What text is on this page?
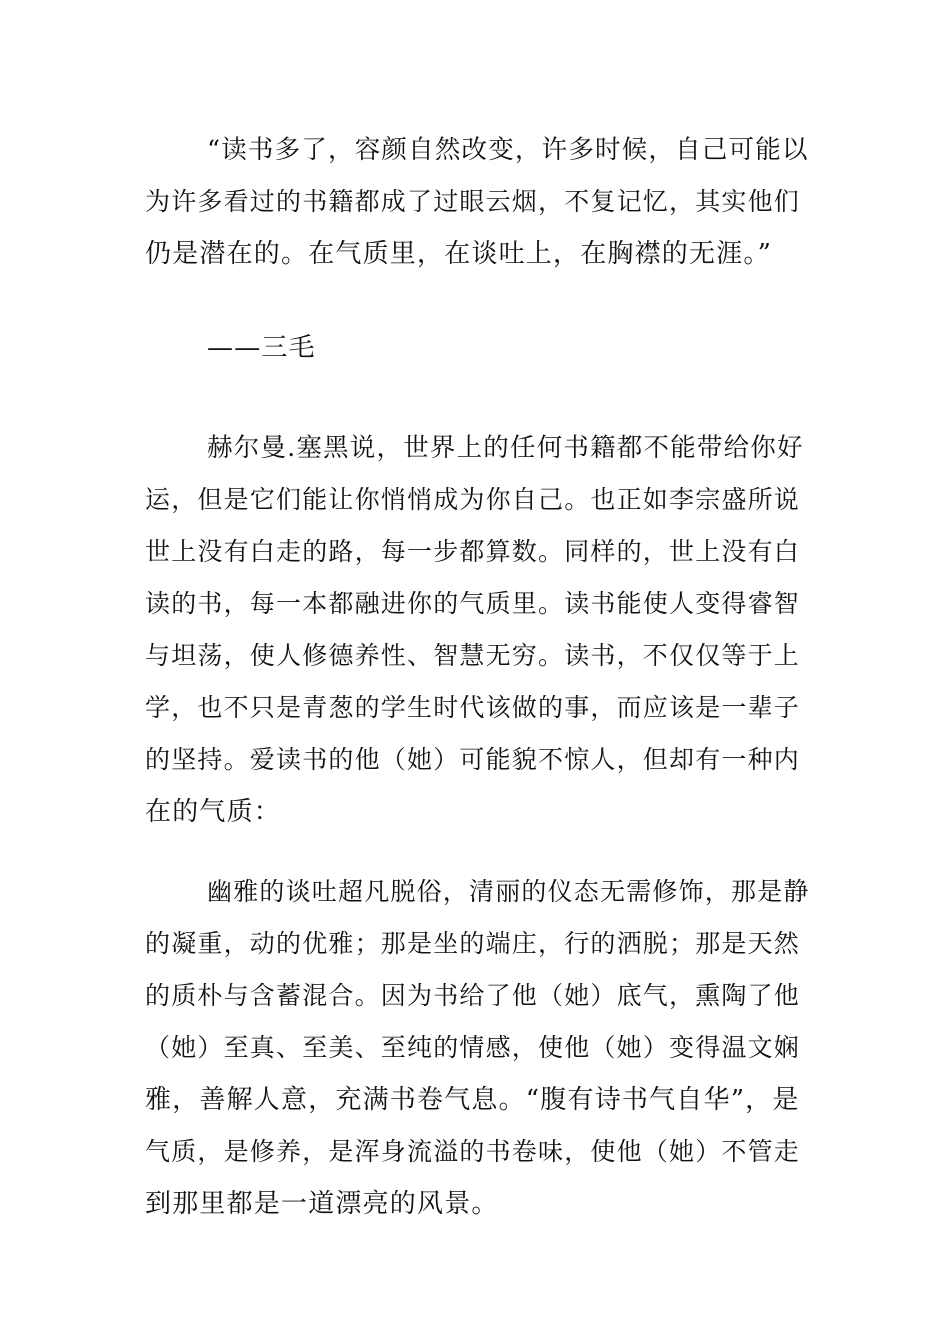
“读书多了，容颜自然改变，许多时候，自己可能以
为许多看过的书籍都成了过眼云烟，不复记忆，其实他们
仍是潜在的。在气质里，在谈吐上，在胸襟的无涯。”
——三毛
赫尔曼.塞黑说，世界上的任何书籍都不能带给你好
运，但是它们能让你悄悄成为你自己。也正如李宗盛所说
世上没有白走的路，每一步都算数。同样的，世上没有白
读的书，每一本都融进你的气质里。读书能使人变得睿智
与坦荡，使人修德养性、智慧无穷。读书，不仅仅等于上
学，也不只是青葱的学生时代该做的事，而应该是一辈子
的坚持。爱读书的他（她）可能貌不惊人，但却有一种内
在的气质：
幽雅的谈吐超凡脱俗，清丽的仪态无需修饰，那是静
的凝重，动的优雅；那是坐的端庄，行的洒脱；那是天然
的质朴与含蓄混合。因为书给了他（她）底气，熏陶了他
（她）至真、至美、至纯的情感，使他（她）变得温文娴
雅，善解人意，充满书卷气息。“腹有诗书气自华”，是
气质，是修养，是浑身流溢的书卷味，使他（她）不管走
到那里都是一道漂亮的风景。
